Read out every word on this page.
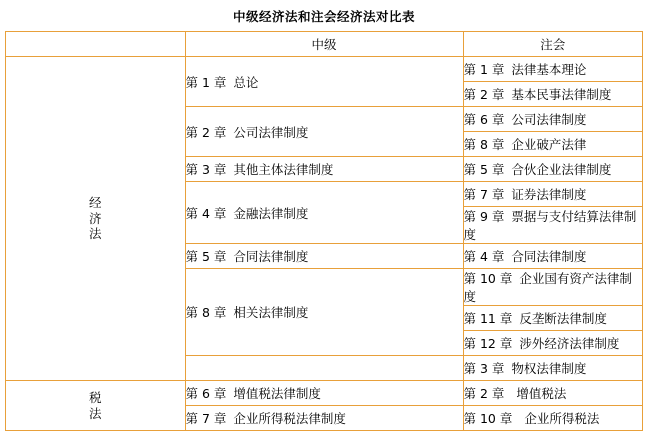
中级经济法和注会经济法对比表
	中级	注会

经
济
法	第 1 章 总论	第 1 章 法律基本理论
		第 2 章 基本民事法律制度
	第 2 章 公司法律制度	第 6 章 公司法律制度
		第 8 章 企业破产法律
	第 3 章 其他主体法律制度	第 5 章 合伙企业法律制度
	第 4 章 金融法律制度	第 7 章 证券法律制度
		第 9 章 票据与支付结算法律制度
	第 5 章 合同法律制度	第 4 章 合同法律制度
	第 8 章 相关法律制度	第 10 章 企业国有资产法律制度
		第 11 章 反垄断法律制度
		第 12 章 涉外经济法律制度
		第 3 章 物权法律制度

税
法	第 6 章 增值税法律制度	第 2 章 增值税法
	第 7 章 企业所得税法律制度	第 10 章 企业所得税法
